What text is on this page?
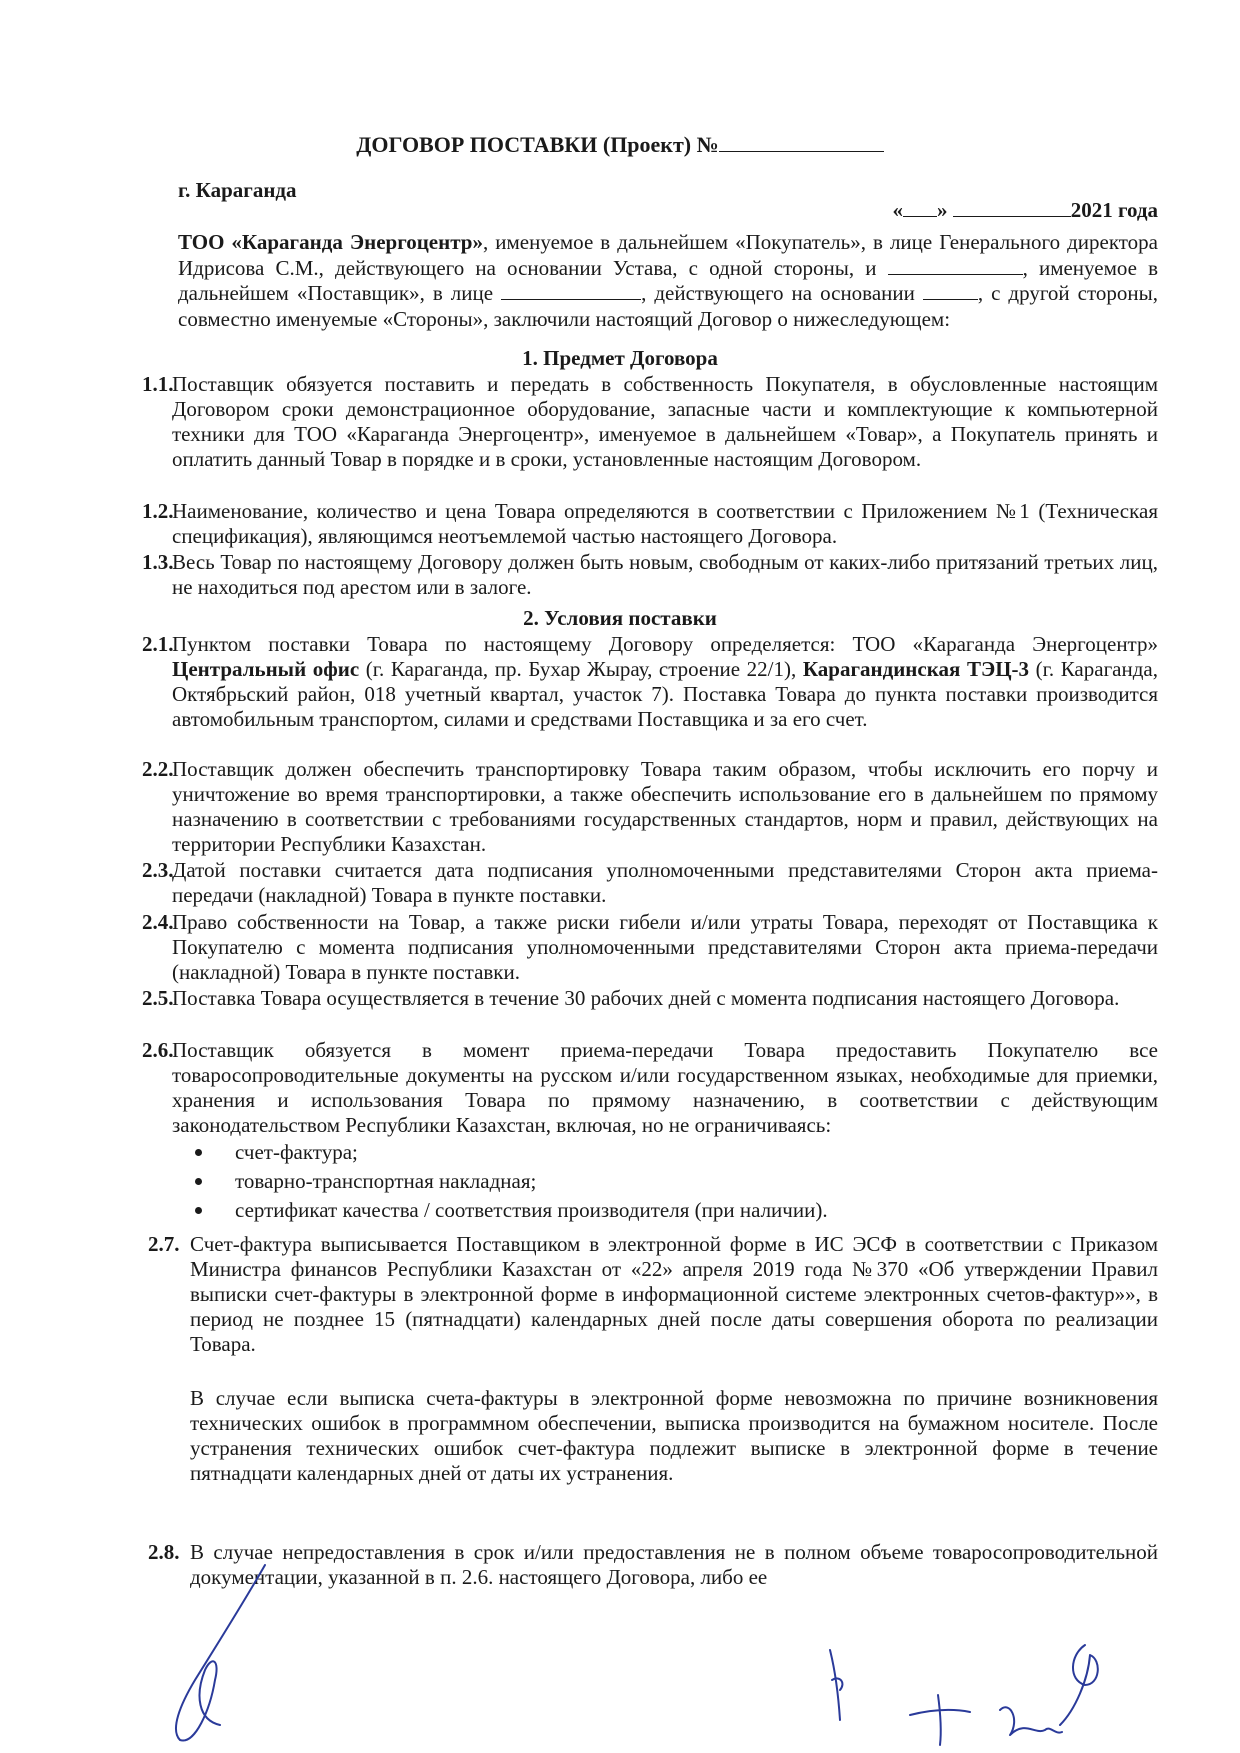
ДОГОВОР ПОСТАВКИ (Проект) №
г. Караганда
« »	2021 года
ТОО «Караганда Энергоцентр», именуемое в дальнейшем «Покупатель», в лице Генерального директора Идрисова С.М., действующего на основании Устава, с одной стороны, и	, именуемое в дальнейшем «Поставщик», в лице	, действующего на основании	, с другой стороны, совместно именуемые «Стороны», заключили настоящий Договор о нижеследующем:
1. Предмет Договора
1.1.
Поставщик обязуется поставить и передать в собственность Покупателя, в обусловленные настоящим Договором сроки демонстрационное оборудование, запасные части и комплектующие к компьютерной техники для ТОО «Караганда Энергоцентр», именуемое в дальнейшем «Товар», а Покупатель принять и оплатить данный Товар в порядке и в сроки, установленные настоящим Договором.
1.2.
Наименование, количество и цена Товара определяются в соответствии с Приложением №1 (Техническая спецификация), являющимся неотъемлемой частью настоящего Договора.
1.3.
Весь Товар по настоящему Договору должен быть новым, свободным от каких-либо притязаний третьих лиц, не находиться под арестом или в залоге.
2. Условия поставки
2.1.
Пунктом поставки Товара по настоящему Договору определяется: ТОО «Караганда Энергоцентр» Центральный офис (г. Караганда, пр. Бухар Жырау, строение 22/1), Карагандинская ТЭЦ-3 (г. Караганда, Октябрьский район, 018 учетный квартал, участок 7). Поставка Товара до пункта поставки производится автомобильным транспортом, силами и средствами Поставщика и за его счет.
2.2.
Поставщик должен обеспечить транспортировку Товара таким образом, чтобы исключить его порчу и уничтожение во время транспортировки, а также обеспечить использование его в дальнейшем по прямому назначению в соответствии с требованиями государственных стандартов, норм и правил, действующих на территории Республики Казахстан.
2.3.
Датой поставки считается дата подписания уполномоченными представителями Сторон акта приема-передачи (накладной) Товара в пункте поставки.
2.4.
Право собственности на Товар, а также риски гибели и/или утраты Товара, переходят от Поставщика к Покупателю с момента подписания уполномоченными представителями Сторон акта приема-передачи (накладной) Товара в пункте поставки.
2.5.
Поставка Товара осуществляется в течение 30 рабочих дней с момента подписания настоящего Договора.
2.6.
Поставщик обязуется в момент приема-передачи Товара предоставить Покупателю все товаросопроводительные документы на русском и/или государственном языках, необходимые для приемки, хранения и использования Товара по прямому назначению, в соответствии с действующим законодательством Республики Казахстан, включая, но не ограничиваясь:
счет-фактура;
товарно-транспортная накладная;
сертификат качества / соответствия производителя (при наличии).
2.7. Счет-фактура выписывается Поставщиком в электронной форме в ИС ЭСФ в соответствии с Приказом Министра финансов Республики Казахстан от «22» апреля 2019 года №370 «Об утверждении Правил выписки счет-фактуры в электронной форме в информационной системе электронных счетов-фактур»», в период не позднее 15 (пятнадцати) календарных дней после даты совершения оборота по реализации Товара.
В случае если выписка счета-фактуры в электронной форме невозможна по причине возникновения технических ошибок в программном обеспечении, выписка производится на бумажном носителе. После устранения технических ошибок счет-фактура подлежит выписке в электронной форме в течение пятнадцати календарных дней от даты их устранения.
2.8. В случае непредоставления в срок и/или предоставления не в полном объеме товаросопроводительной документации, указанной в п. 2.6. настоящего Договора, либо ее
